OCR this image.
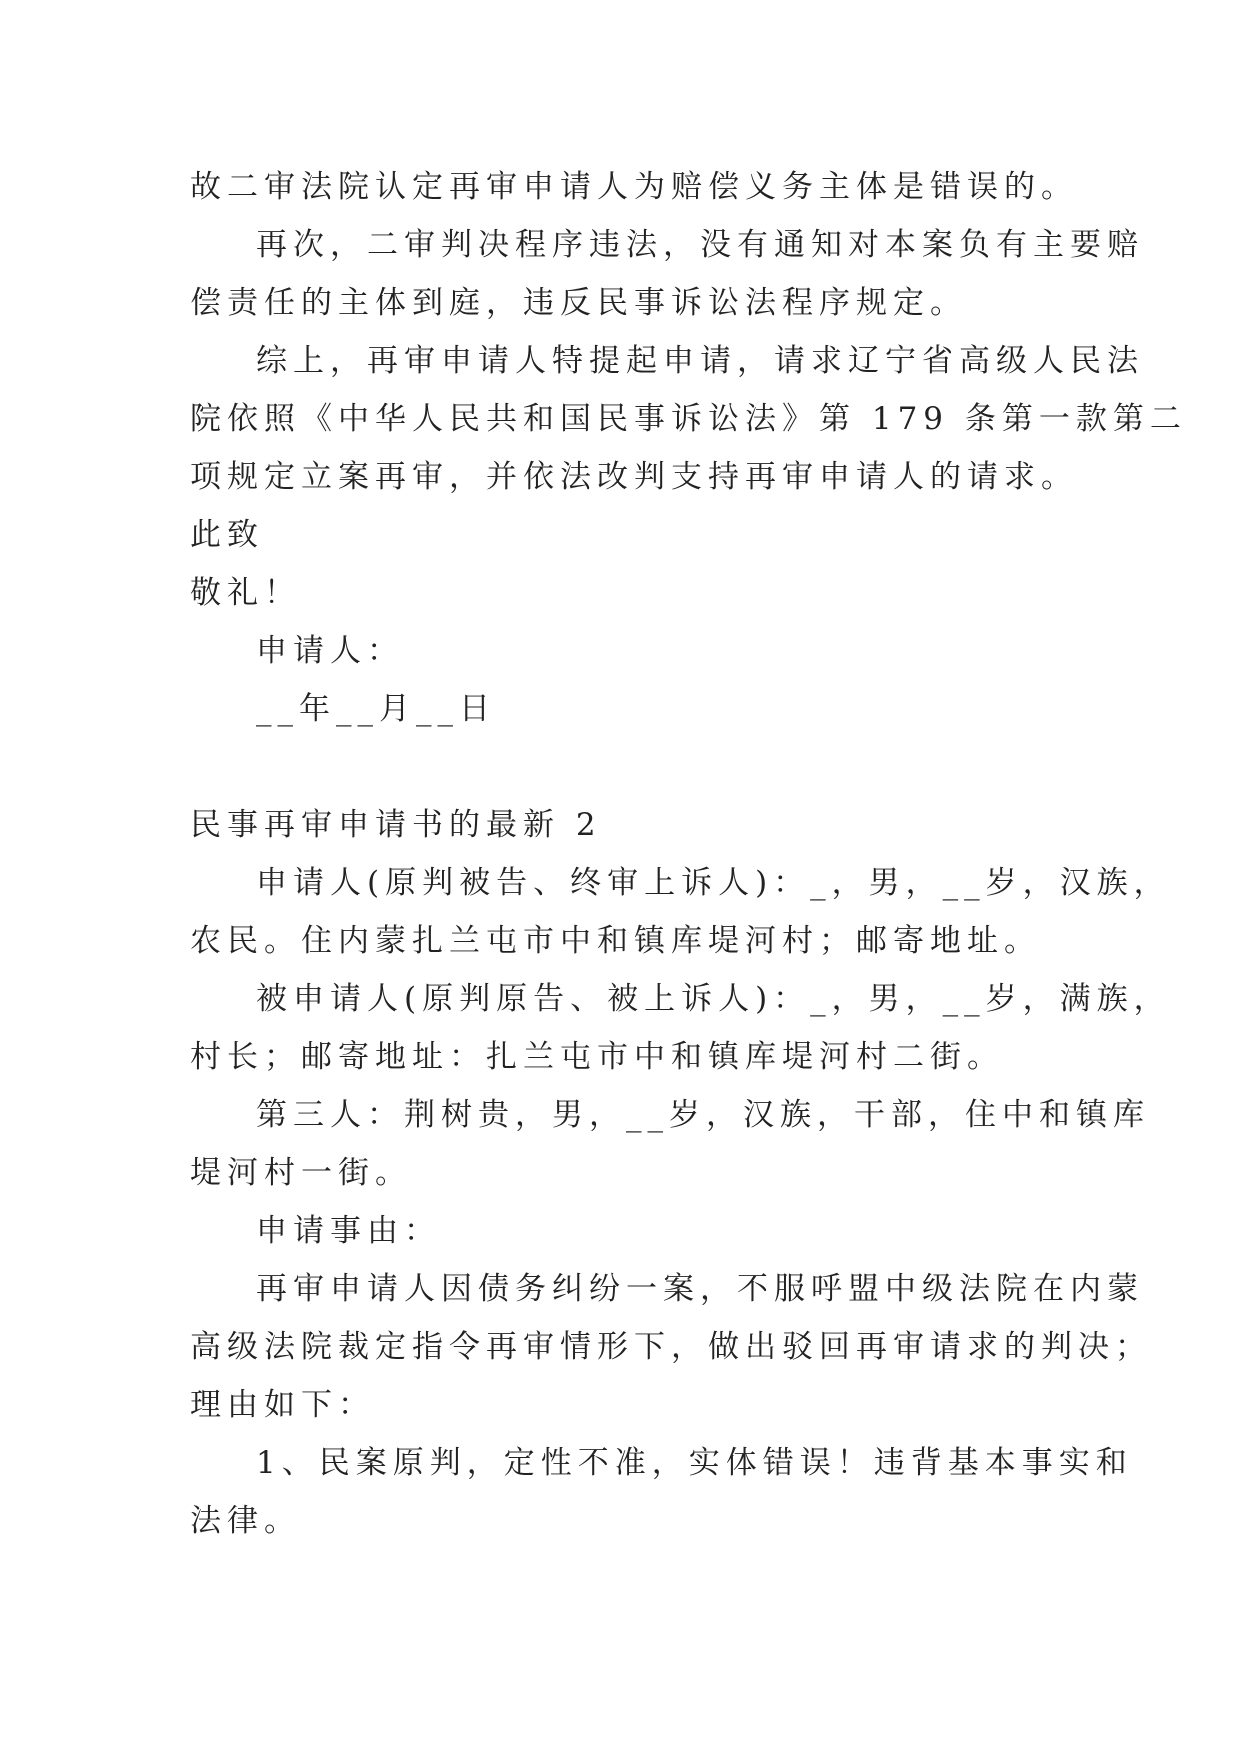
故二审法院认定再审申请人为赔偿义务主体是错误的。
再次，二审判决程序违法，没有通知对本案负有主要赔
偿责任的主体到庭，违反民事诉讼法程序规定。
综上，再审申请人特提起申请，请求辽宁省高级人民法
院依照《中华人民共和国民事诉讼法》第 179 条第一款第二
项规定立案再审，并依法改判支持再审申请人的请求。
此致
敬礼！
申请人：
__年__月__日
民事再审申请书的最新 2
申请人(原判被告、终审上诉人)：_，男，__岁，汉族，
农民。住内蒙扎兰屯市中和镇库堤河村；邮寄地址。
被申请人(原判原告、被上诉人)：_，男，__岁，满族，
村长；邮寄地址：扎兰屯市中和镇库堤河村二街。
第三人：荆树贵，男，__岁，汉族，干部，住中和镇库
堤河村一街。
申请事由：
再审申请人因债务纠纷一案，不服呼盟中级法院在内蒙
高级法院裁定指令再审情形下，做出驳回再审请求的判决；
理由如下：
1、民案原判，定性不准，实体错误！违背基本事实和
法律。
